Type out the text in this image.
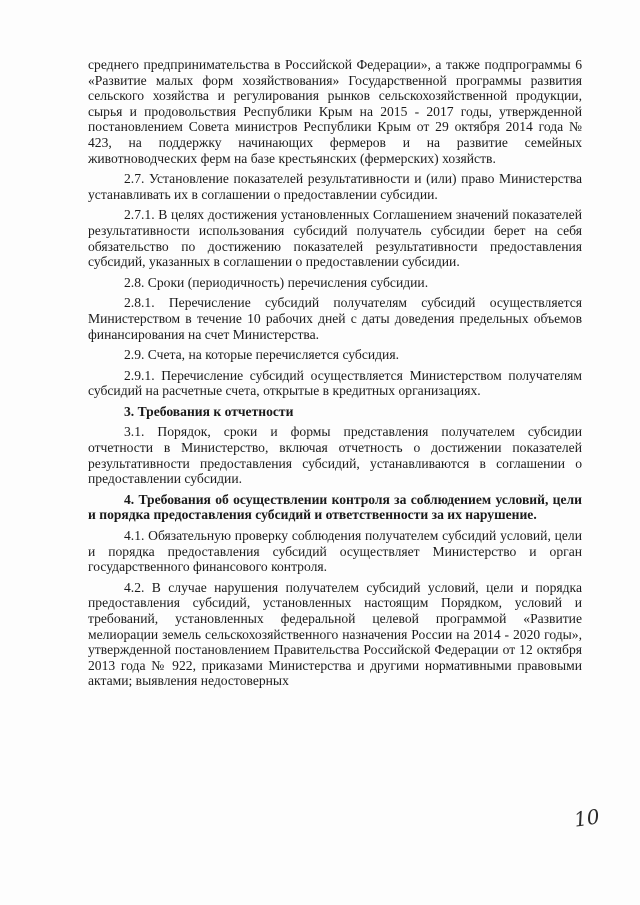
среднего предпринимательства в Российской Федерации», а также подпрограммы 6 «Развитие малых форм хозяйствования» Государственной программы развития сельского хозяйства и регулирования рынков сельскохозяйственной продукции, сырья и продовольствия Республики Крым на 2015 - 2017 годы, утвержденной постановлением Совета министров Республики Крым от 29 октября 2014 года № 423, на поддержку начинающих фермеров и на развитие семейных животноводческих ферм на базе крестьянских (фермерских) хозяйств.

2.7. Установление показателей результативности и (или) право Министерства устанавливать их в соглашении о предоставлении субсидии.

2.7.1. В целях достижения установленных Соглашением значений показателей результативности использования субсидий получатель субсидии берет на себя обязательство по достижению показателей результативности предоставления субсидий, указанных в соглашении о предоставлении субсидии.

2.8. Сроки (периодичность) перечисления субсидии.

2.8.1. Перечисление субсидий получателям субсидий осуществляется Министерством в течение 10 рабочих дней с даты доведения предельных объемов финансирования на счет Министерства.

2.9. Счета, на которые перечисляется субсидия.

2.9.1. Перечисление субсидий осуществляется Министерством получателям субсидий на расчетные счета, открытые в кредитных организациях.

3. Требования к отчетности

3.1. Порядок, сроки и формы представления получателем субсидии отчетности в Министерство, включая отчетность о достижении показателей результативности предоставления субсидий, устанавливаются в соглашении о предоставлении субсидии.

4. Требования об осуществлении контроля за соблюдением условий, цели и порядка предоставления субсидий и ответственности за их нарушение.

4.1. Обязательную проверку соблюдения получателем субсидий условий, цели и порядка предоставления субсидий осуществляет Министерство и орган государственного финансового контроля.

4.2. В случае нарушения получателем субсидий условий, цели и порядка предоставления субсидий, установленных настоящим Порядком, условий и требований, установленных федеральной целевой программой «Развитие мелиорации земель сельскохозяйственного назначения России на 2014 - 2020 годы», утвержденной постановлением Правительства Российской Федерации от 12 октября 2013 года № 922, приказами Министерства и другими нормативными правовыми актами; выявления недостоверных

10
